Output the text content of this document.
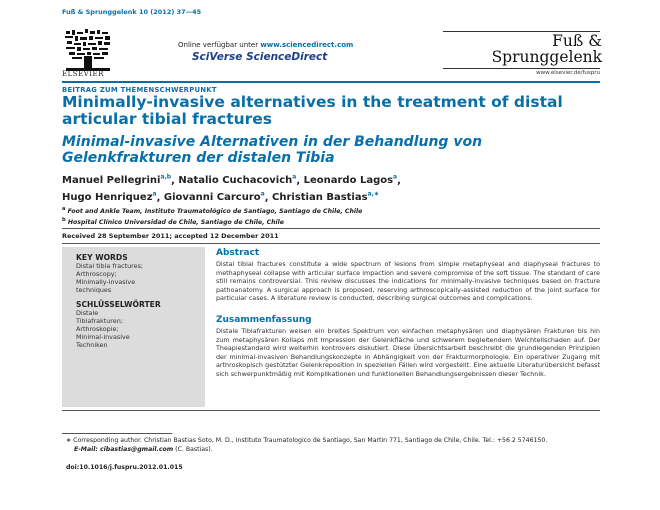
Fuß & Sprunggelenk 10 (2012) 37—45
ELSEVIER
Online verfügbar unter www.sciencedirect.com
SciVerse ScienceDirect
Fuß &
Sprunggelenk
www.elsevier.de/fuspru
BEITRAG ZUM THEMENSCHWERPUNKT
Minimally-invasive alternatives in the treatment of distal articular tibial fractures
Minimal-invasive Alternativen in der Behandlung von Gelenkfrakturen der distalen Tibia
Manuel Pellegrini$^{a,b}$, Natalio Cuchacovich$^a$, Leonardo Lagos$^a$,
Hugo Henriquez$^a$, Giovanni Carcuro$^a$, Christian Bastias$^{a,∗}$
$^a$ Foot and Ankle Team, Instituto Traumatológico de Santiago, Santiago de Chile, Chile
$^b$ Hospital Clínico Universidad de Chile, Santiago de Chile, Chile
Received 28 September 2011; accepted 12 December 2011
KEY WORDS
Distal tibia fractures;
Arthroscopy;
Minimally-invasive
techniques
SCHLÜSSELWÖRTER
Distale
Tibiafrakturen;
Arthroskopie;
Minimal-invasive
Techniken
Abstract
Distal tibial fractures constitute a wide spectrum of lesions from simple metaphyseal and diaphyseal fractures to methaphyseal collapse with articular surface impaction and severe compromise of the soft tissue. The standard of care still remains controversial. This review discusses the indications for minimally-invasive techniques based on fracture pathoanatomy. A surgical approach is proposed, reserving arthroscopically-assisted reduction of the joint surface for particular cases. A literature review is conducted, describing surgical outcomes and complications.
Zusammenfassung
Distale Tibiafrakturen weisen ein breites Spektrum von einfachen metaphysären und diaphysären Frakturen bis hin zum metaphysären Kollaps mit Impression der Gelenkfläche und schwerem begleitendem Weichteilschaden auf. Der Theapiestandard wird weiterhin kontrovers diskutiert. Diese Übersichtsarbeit beschreibt die grundlegenden Prinzipien der minimal-invasiven Behandlungskonzepte in Abhängigkeit von der Frakturmorphologie. Ein operativer Zugang mit arthroskopisch gestützter Gelenkreposition in speziellen Fällen wird vorgestellt. Eine aktuelle Literaturübersicht befasst sich schwerpunktmäßig mit Komplikationen und funktionellen Behandlungsergebnissen dieser Technik.
∗ Corresponding author. Christian Bastias Soto, M. D., Instituto Traumatologico de Santiago, San Martin 771, Santiago de Chile, Chile. Tel.: +56 2 5746150.
E-Mail: cibastias@gmail.com (C. Bastias).
doi:10.1016/j.fuspru.2012.01.015
